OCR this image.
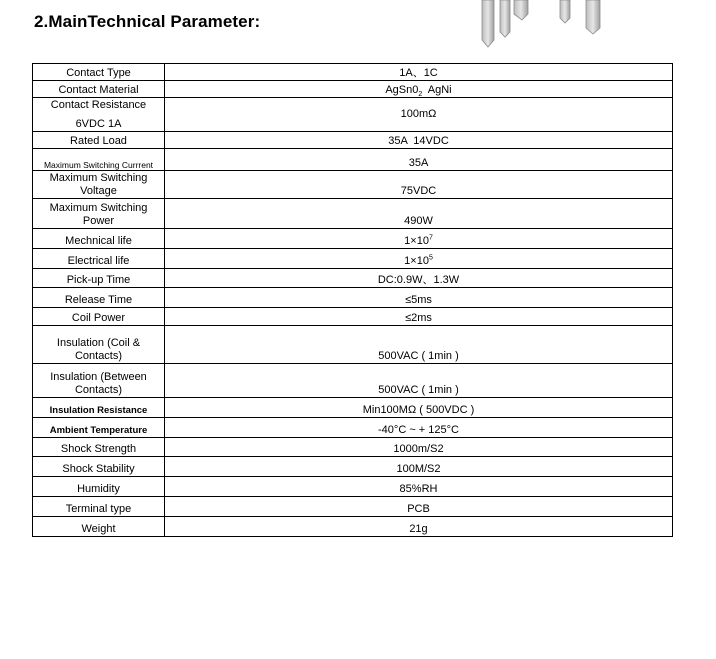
2.MainTechnical Parameter:
Contact Type	1A、1C
Contact Material	$AgSn0_2$  AgNi

Contact Resistance
6VDC 1A	100mΩ
Rated Load	35A  14VDC
Maximum Switching Currrent	35A
Maximum Switching Voltage	75VDC
Maximum Switching Power	490W
Mechnical life	$1\times 10^7$
Electrical life	$1\times 10^5$
Pick-up Time	DC:0.9W、1.3W
Release Time	≤5ms
Coil Power	≤2ms
Insulation (Coil & Contacts)	500VAC ( 1min )
Insulation (Between Contacts)	500VAC ( 1min )
Insulation Resistance	Min100MΩ ( 500VDC )
Ambient Temperature	-40°C ~ + 125°C
Shock Strength	1000m/S2
Shock Stability	100M/S2
Humidity	85%RH
Terminal type	PCB
Weight	21g
